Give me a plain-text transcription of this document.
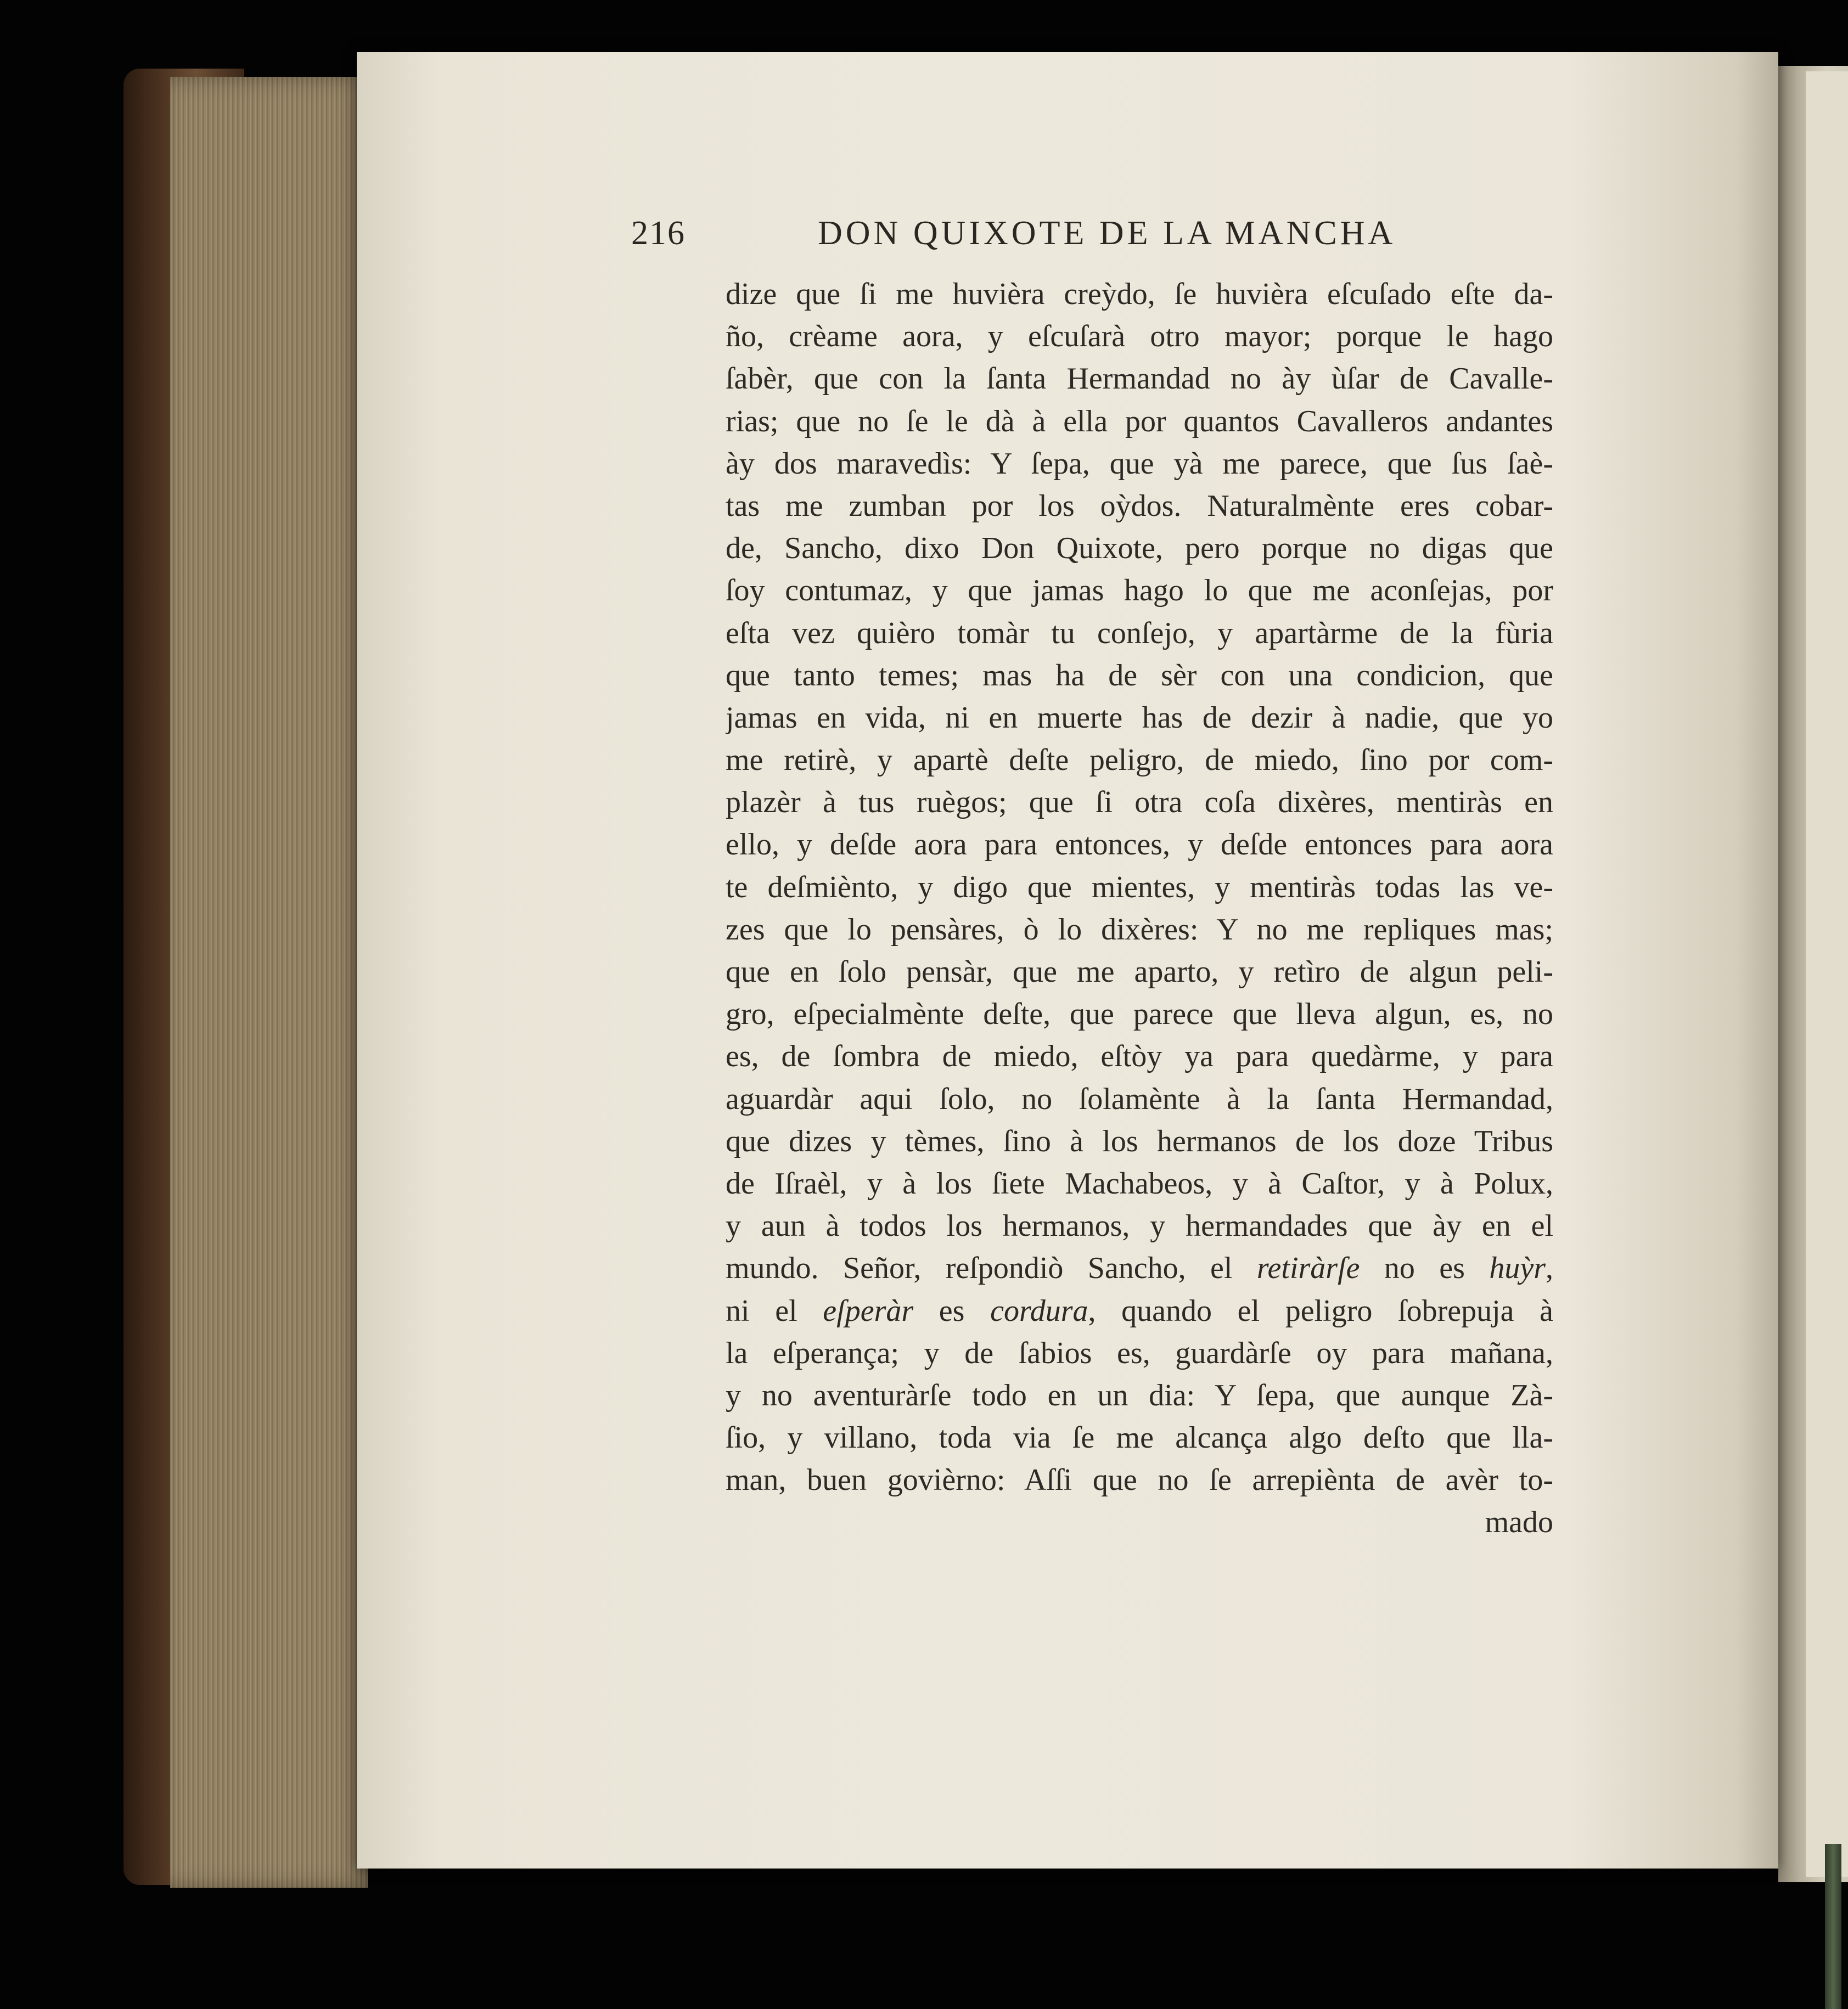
216	DON QUIXOTE DE LA MANCHA
dize que ſi me huvièra creỳdo, ſe huvièra eſcuſado eſte da-
ño, crèame aora, y eſcuſarà otro mayor; porque le hago
ſabèr, que con la ſanta Hermandad no ày ùſar de Cavalle-
rias; que no ſe le dà à ella por quantos Cavalleros andantes
ày dos maravedìs: Y ſepa, que yà me parece, que ſus ſaè-
tas me zumban por los oỳdos. Naturalmènte eres cobar-
de, Sancho, dixo Don Quixote, pero porque no digas que
ſoy contumaz, y que jamas hago lo que me aconſejas, por
eſta vez quièro tomàr tu conſejo, y apartàrme de la fùria
que tanto temes; mas ha de sèr con una condicion, que
jamas en vida, ni en muerte has de dezir à nadie, que yo
me retirè, y apartè deſte peligro, de miedo, ſino por com-
plazèr à tus ruègos; que ſi otra coſa dixères, mentiràs en
ello, y deſde aora para entonces, y deſde entonces para aora
te deſmiènto, y digo que mientes, y mentiràs todas las ve-
zes que lo pensàres, ò lo dixères: Y no me repliques mas;
que en ſolo pensàr, que me aparto, y retìro de algun peli-
gro, eſpecialmènte deſte, que parece que lleva algun, es, no
es, de ſombra de miedo, eſtòy ya para quedàrme, y para
aguardàr aqui ſolo, no ſolamènte à la ſanta Hermandad,
que dizes y tèmes, ſino à los hermanos de los doze Tribus
de Iſraèl, y à los ſiete Machabeos, y à Caſtor, y à Polux,
y aun à todos los hermanos, y hermandades que ày en el
mundo. Señor, reſpondiò Sancho, el retiràrſe no es huỳr,
ni el eſperàr es cordura, quando el peligro ſobrepuja à
la eſperança; y de ſabios es, guardàrſe oy para mañana,
y no aventuràrſe todo en un dia: Y ſepa, que aunque Zà-
ſio, y villano, toda via ſe me alcança algo deſto que lla-
man, buen govièrno: Aſſi que no ſe arrepiènta de avèr to-
mado
